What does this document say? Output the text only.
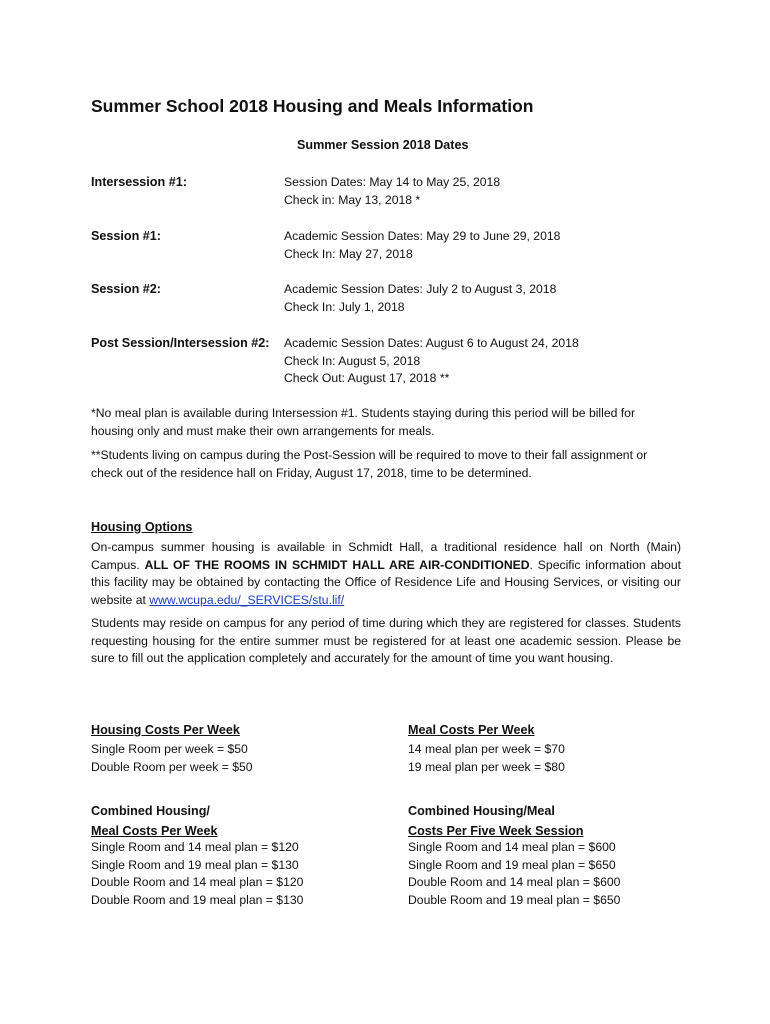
Summer School 2018 Housing and Meals Information
Summer Session 2018 Dates
Intersession #1:	Session Dates: May 14 to May 25, 2018
Check in: May 13, 2018 *
Session #1:	Academic Session Dates: May 29 to June 29, 2018
Check In: May 27, 2018
Session #2:	Academic Session Dates: July 2 to August 3, 2018
Check In: July 1, 2018
Post Session/Intersession #2: Academic Session Dates: August 6 to August 24, 2018
Check In: August 5, 2018
Check Out: August 17, 2018 **
*No meal plan is available during Intersession #1. Students staying during this period will be billed for housing only and must make their own arrangements for meals.
**Students living on campus during the Post-Session will be required to move to their fall assignment or check out of the residence hall on Friday, August 17, 2018, time to be determined.
Housing Options
On-campus summer housing is available in Schmidt Hall, a traditional residence hall on North (Main) Campus. ALL OF THE ROOMS IN SCHMIDT HALL ARE AIR-CONDITIONED. Specific information about this facility may be obtained by contacting the Office of Residence Life and Housing Services, or visiting our website at www.wcupa.edu/_SERVICES/stu.lif/
Students may reside on campus for any period of time during which they are registered for classes. Students requesting housing for the entire summer must be registered for at least one academic session. Please be sure to fill out the application completely and accurately for the amount of time you want housing.
Housing Costs Per Week
Single Room per week = $50
Double Room per week = $50
Meal Costs Per Week
14 meal plan per week = $70
19 meal plan per week = $80
Combined Housing/
Meal Costs Per Week
Single Room and 14 meal plan = $120
Single Room and 19 meal plan = $130
Double Room and 14 meal plan = $120
Double Room and 19 meal plan = $130
Combined Housing/Meal
Costs Per Five Week Session
Single Room and 14 meal plan = $600
Single Room and 19 meal plan = $650
Double Room and 14 meal plan = $600
Double Room and 19 meal plan = $650
